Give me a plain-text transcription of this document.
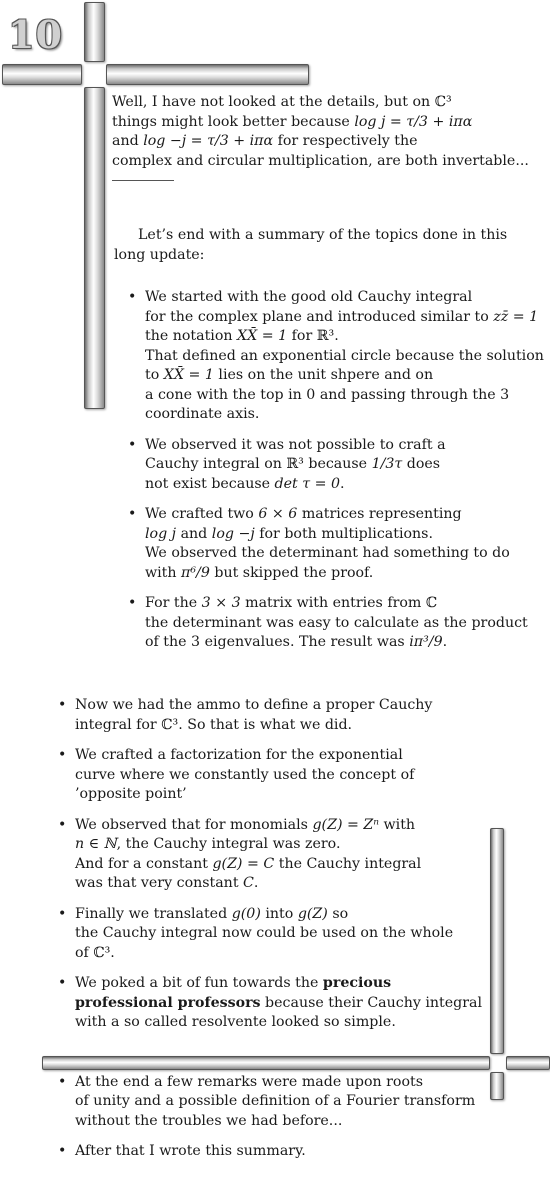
10

Well, I have not looked at the details, but on ℂ³

things might look better because log j = τ/3 + iπα

and log −j = τ/3 + iπα for respectively the

complex and circular multiplication, are both invertable...

Let’s end with a summary of the topics done in this

long update:

• We started with the good old Cauchy integral
for the complex plane and introduced similar to zz̄ = 1
the notation XX̄ = 1 for ℝ³.
That defined an exponential circle because the solution
to XX̄ = 1 lies on the unit shpere and on
a cone with the top in 0 and passing through the 3
coordinate axis.
• We observed it was not possible to craft a
Cauchy integral on ℝ³ because 1/3τ does
not exist because det τ = 0.
• We crafted two 6 × 6 matrices representing
log j and log −j for both multiplications.
We observed the determinant had something to do
with π⁶/9 but skipped the proof.
• For the 3 × 3 matrix with entries from ℂ
the determinant was easy to calculate as the product
of the 3 eigenvalues. The result was iπ³/9.
• Now we had the ammo to define a proper Cauchy
integral for ℂ³. So that is what we did.
• We crafted a factorization for the exponential
curve where we constantly used the concept of
’opposite point’
• We observed that for monomials g(Z) = Zⁿ with
n ∈ ℕ, the Cauchy integral was zero.
And for a constant g(Z) = C the Cauchy integral
was that very constant C.
• Finally we translated g(0) into g(Z) so
the Cauchy integral now could be used on the whole
of ℂ³.
• We poked a bit of fun towards the precious
professional professors because their Cauchy integral
with a so called resolvente looked so simple.
• At the end a few remarks were made upon roots
of unity and a possible definition of a Fourier transform
without the troubles we had before...
• After that I wrote this summary.
